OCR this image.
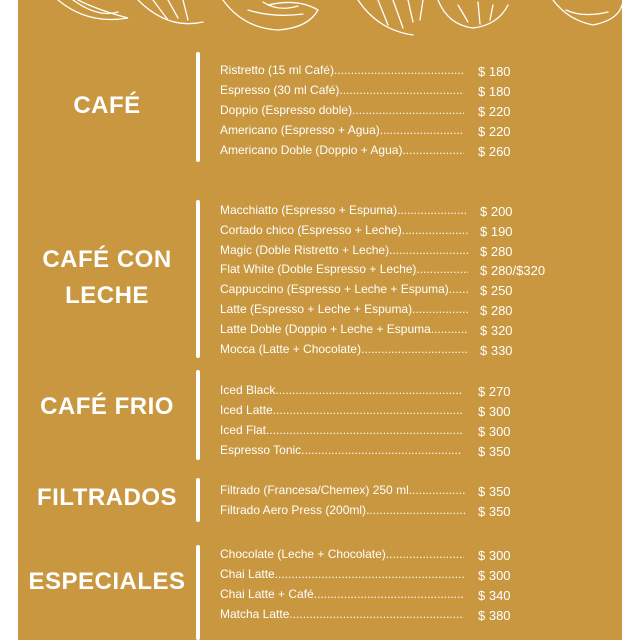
CAFÉ
Ristretto (15 ml Café) .....	$ 180
Espresso (30 ml Café) .....	$ 180
Doppio (Espresso doble) .....	$ 220
Americano (Espresso + Agua) .....	$ 220
Americano Doble (Doppio + Agua) .....	$ 260
CAFÉ CON
LECHE
Macchiatto (Espresso + Espuma) .....	$ 200
Cortado chico (Espresso + Leche) .....	$ 190
Magic (Doble Ristretto + Leche) .....	$ 280
Flat White (Doble Espresso + Leche) .....	$ 280/$320
Cappuccino (Espresso + Leche + Espuma) .....	$ 250
Latte (Espresso + Leche + Espuma) .....	$ 280
Latte Doble (Doppio + Leche + Espuma .....	$ 320
Mocca (Latte + Chocolate) .....	$ 330
CAFÉ FRIO
Iced Black .....	$ 270
Iced Latte .....	$ 300
Iced Flat .....	$ 300
Espresso Tonic .....	$ 350
FILTRADOS	Filtrado (Francesa/Chemex) 250 ml .....	$ 350
Filtrado Aero Press (200ml) .....	$ 350
ESPECIALES
Chocolate (Leche + Chocolate) .....	$ 300
Chai Latte .....	$ 300
Chai Latte + Café .....	$ 340
Matcha Latte .....	$ 380
